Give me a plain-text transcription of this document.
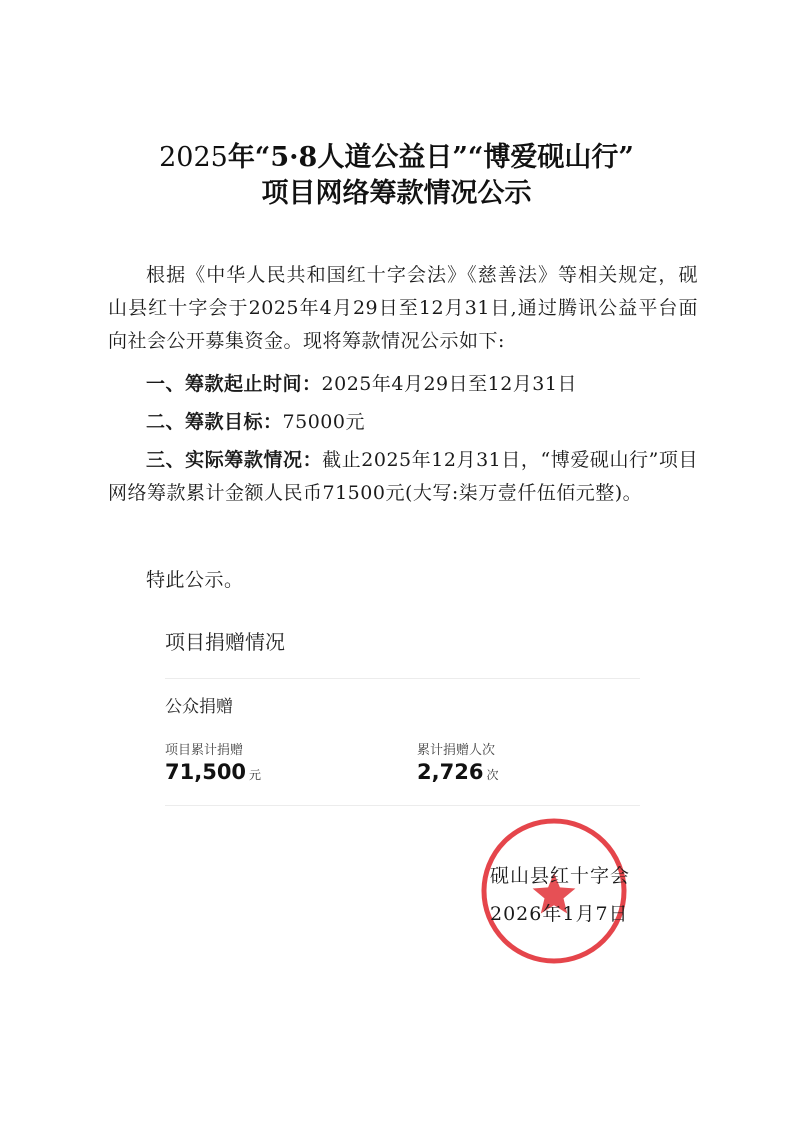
2025年“5·8人道公益日”“博爱砚山行”
项目网络筹款情况公示

根据《中华人民共和国红十字会法》《慈善法》等相关规定，砚山县红十字会于2025年4月29日至12月31日,通过腾讯公益平台面向社会公开募集资金。现将筹款情况公示如下:

一、筹款起止时间：2025年4月29日至12月31日

二、筹款目标：75000元

三、实际筹款情况：截止2025年12月31日，“博爱砚山行”项目网络筹款累计金额人民币71500元(大写:柒万壹仟伍佰元整)。

特此公示。

项目捐赠情况
公众捐赠
项目累计捐赠
71,500 元
累计捐赠人次
2,726 次
砚山县红十字会
2026年1月7日
